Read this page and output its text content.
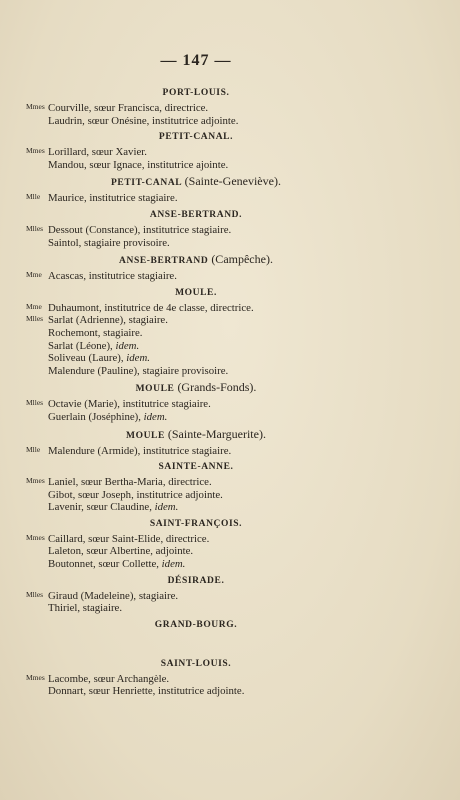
— 147 —
PORT-LOUIS.
Mmes Courville, sœur Francisca, directrice.
Laudrin, sœur Onésine, institutrice adjointe.
PETIT-CANAL.
Mmes Lorillard, sœur Xavier.
Mandou, sœur Ignace, institutrice ajointe.
PETIT-CANAL (Sainte-Geneviève).
Mlle Maurice, institutrice stagiaire.
ANSE-BERTRAND.
Mlles Dessout (Constance), institutrice stagiaire.
Saintol, stagiaire provisoire.
ANSE-BERTRAND (Campêche).
Mme Acascas, institutrice stagiaire.
MOULE.
Mme Duhaumont, institutrice de 4e classe, directrice.
Mlles Sarlat (Adrienne), stagiaire.
Rochemont, stagiaire.
Sarlat (Léone), idem.
Soliveau (Laure), idem.
Malendure (Pauline), stagiaire provisoire.
MOULE (Grands-Fonds).
Mlles Octavie (Marie), institutrice stagiaire.
Guerlain (Joséphine), idem.
MOULE (Sainte-Marguerite).
Mlle Malendure (Armide), institutrice stagiaire.
SAINTE-ANNE.
Mmes Laniel, sœur Bertha-Maria, directrice.
Gibot, sœur Joseph, institutrice adjointe.
Lavenir, sœur Claudine, idem.
SAINT-FRANÇOIS.
Mmes Caillard, sœur Saint-Elide, directrice.
Laleton, sœur Albertine, adjointe.
Boutonnet, sœur Collette, idem.
DÉSIRADE.
Mlles Giraud (Madeleine), stagiaire.
Thiriel, stagiaire.
GRAND-BOURG.
SAINT-LOUIS.
Mmes Lacombe, sœur Archangèle.
Donnart, sœur Henriette, institutrice adjointe.
